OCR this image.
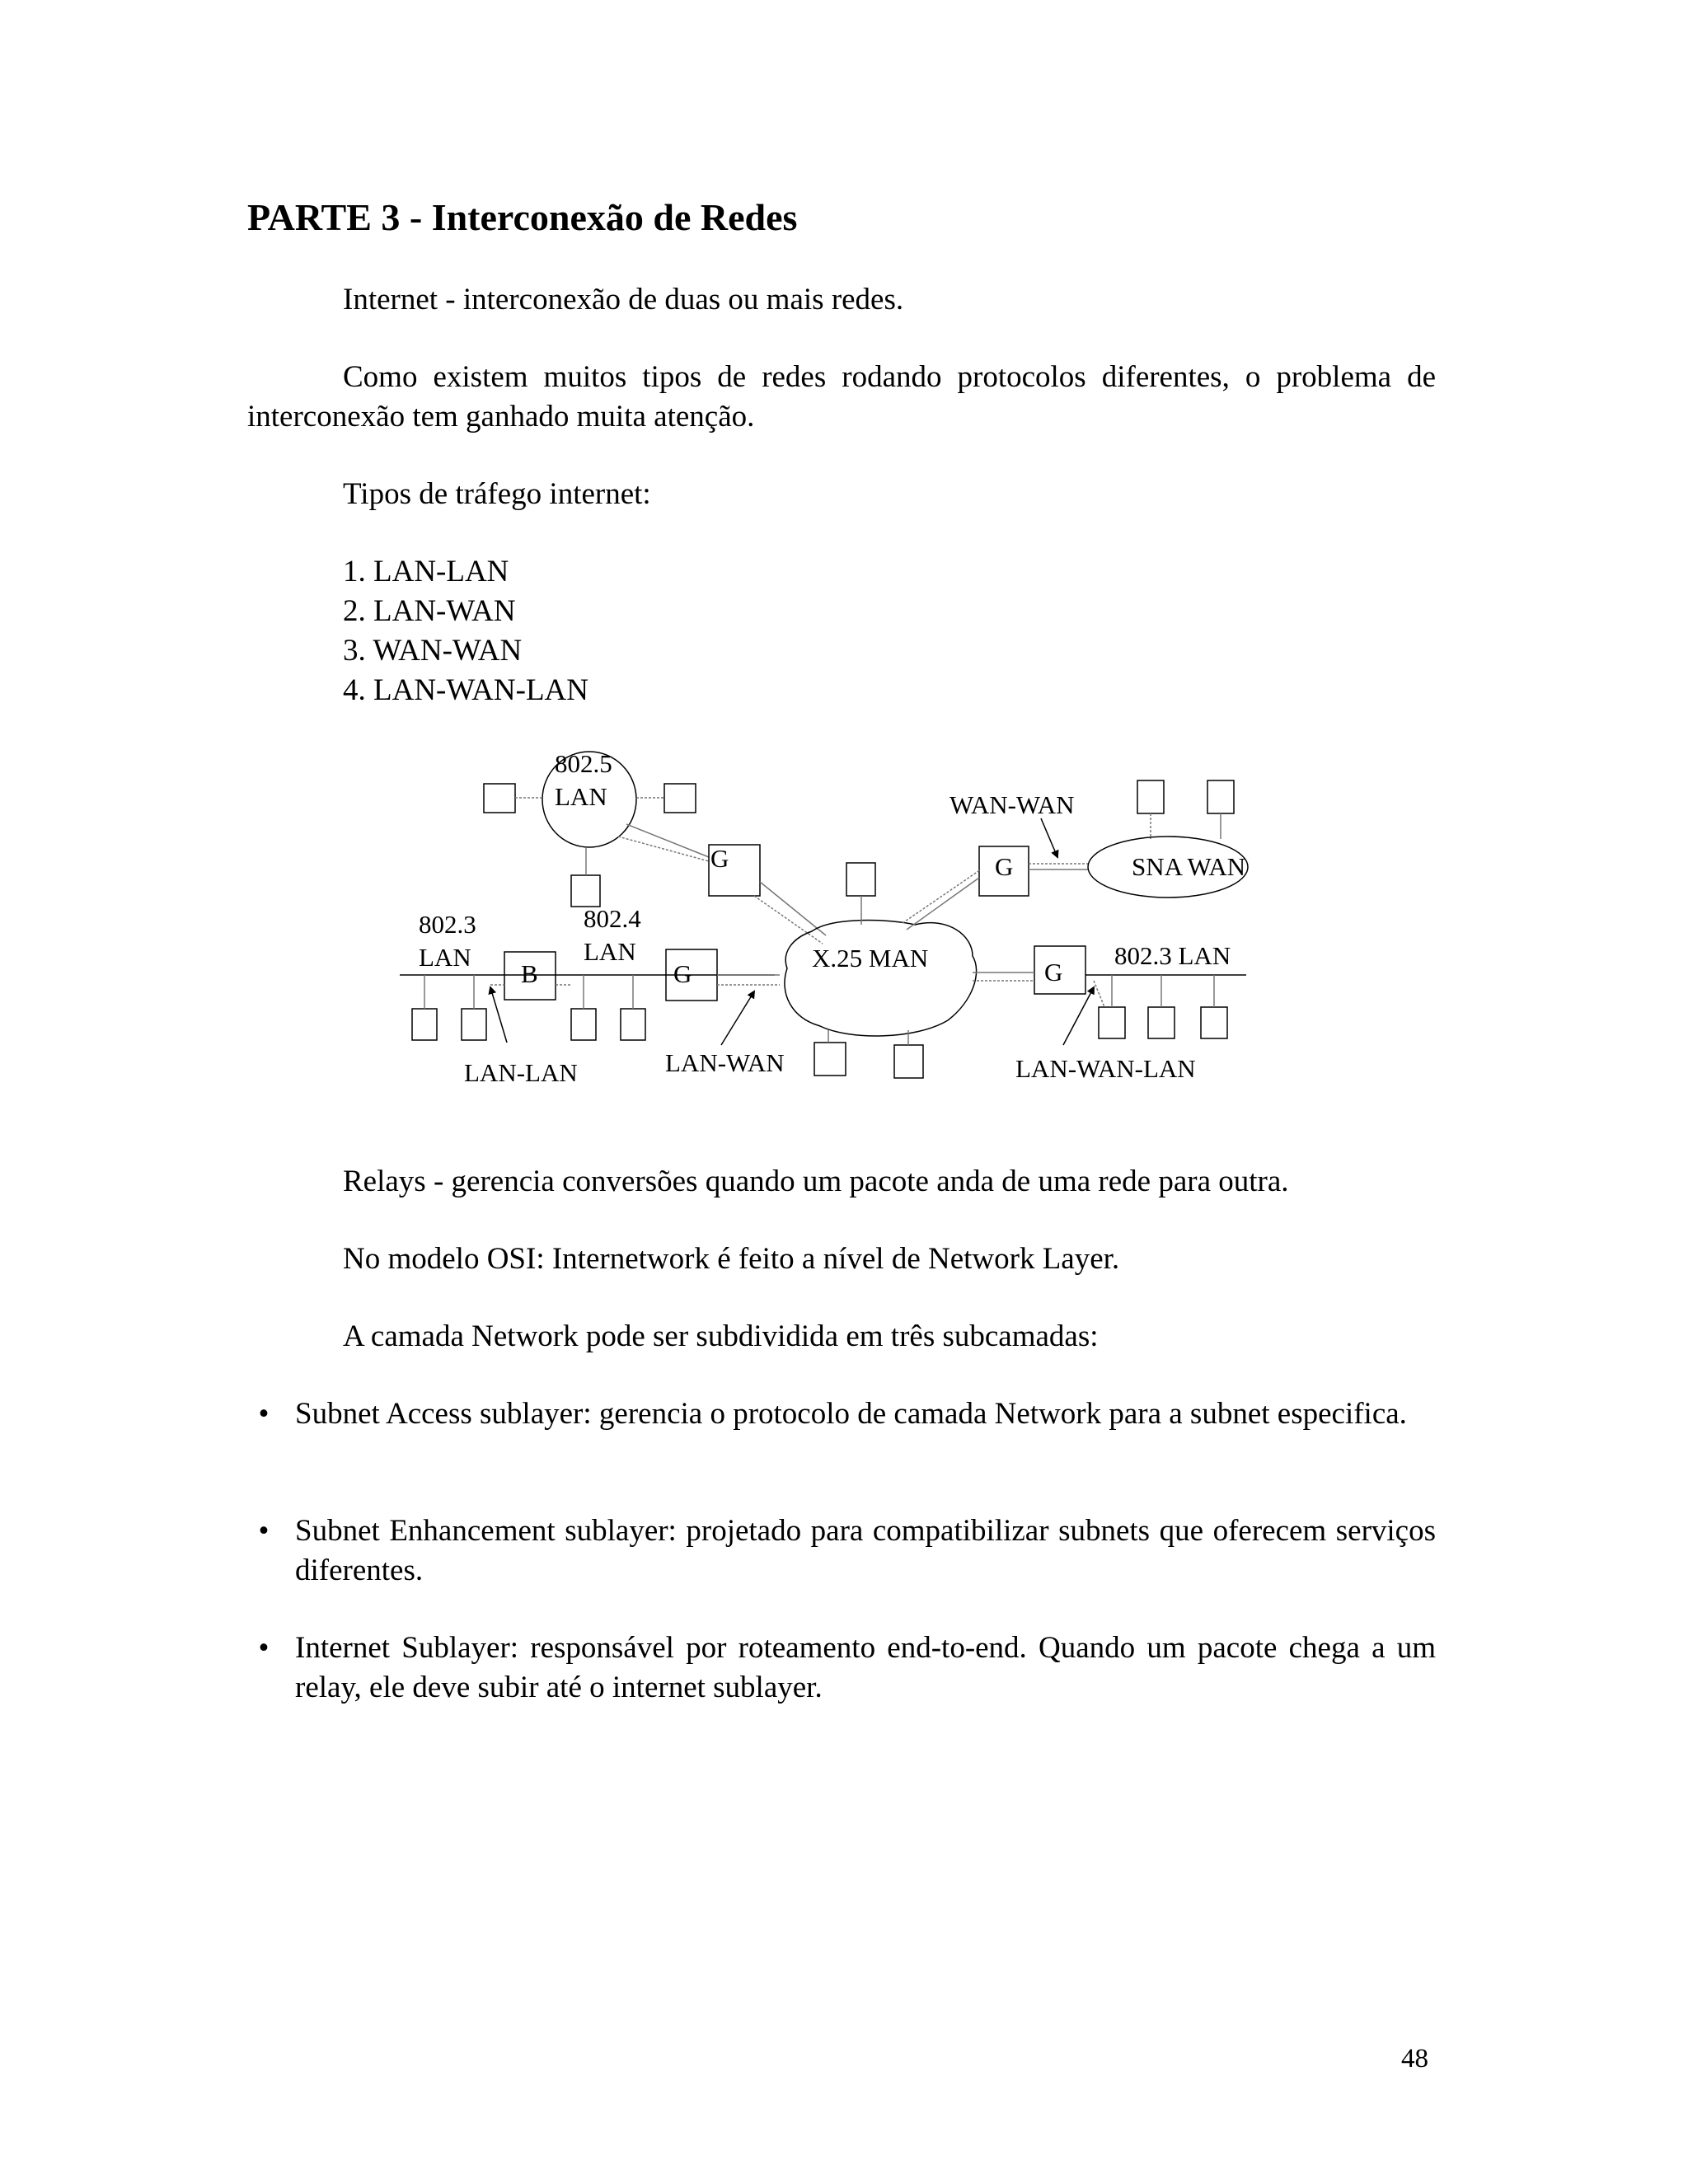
PARTE 3 - Interconexão de Redes

Internet - interconexão de duas ou mais redes.

Como existem muitos tipos de redes rodando protocolos diferentes, o problema de interconexão tem ganhado muita atenção.

Tipos de tráfego internet:

1. LAN-LAN

2. LAN-WAN

3. WAN-WAN

4. LAN-WAN-LAN

802.5
LAN
G
WAN-WAN
G	SNA WAN
802.3
LAN
802.4
LAN
B	G
X.25 MAN	G
802.3 LAN
LAN-LAN	LAN-WAN	LAN-WAN-LAN

Relays - gerencia conversões quando um pacote anda de uma rede para outra.

No modelo OSI: Internetwork é feito a nível de Network Layer.

A camada Network pode ser subdividida em três subcamadas:

• Subnet Access sublayer: gerencia o protocolo de camada Network para a subnet especifica.
• Subnet Enhancement sublayer: projetado para compatibilizar subnets que oferecem serviços diferentes.
• Internet Sublayer: responsável por roteamento end-to-end. Quando um pacote chega a um relay, ele deve subir até o internet sublayer.

48
